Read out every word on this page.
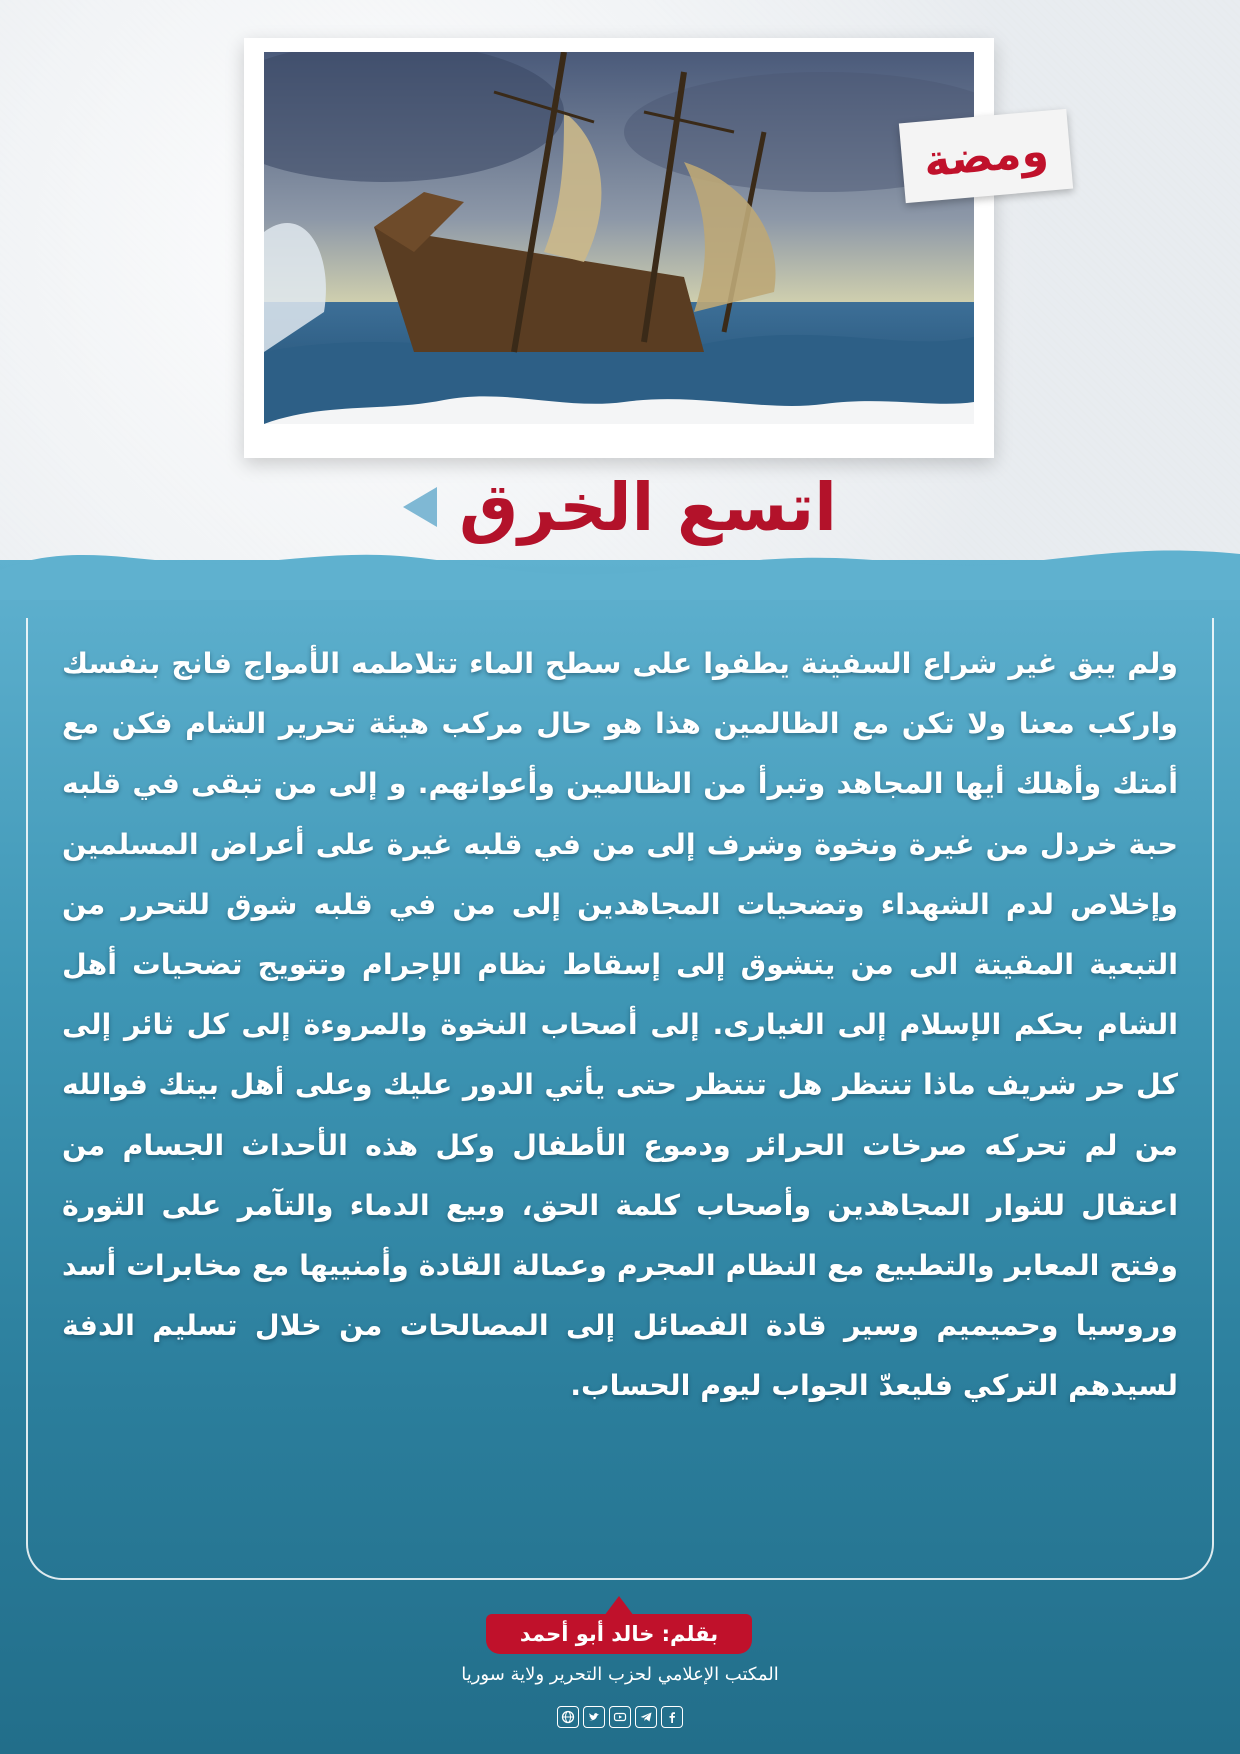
ومضة
اتسع الخرق

ولم يبق غير شراع السفينة يطفوا على سطح الماء تتلاطمه الأمواج فانج بنفسك واركب معنا ولا تكن مع الظالمين هذا هو حال مركب هيئة تحرير الشام فكن مع أمتك وأهلك أيها المجاهد وتبرأ من الظالمين وأعوانهم. و إلى من تبقى في قلبه حبة خردل من غيرة ونخوة وشرف إلى من في قلبه غيرة على أعراض المسلمين وإخلاص لدم الشهداء وتضحيات المجاهدين إلى من في قلبه شوق للتحرر من التبعية المقيتة الى من يتشوق إلى إسقاط نظام الإجرام وتتويج تضحيات أهل الشام بحكم الإسلام إلى الغيارى. إلى أصحاب النخوة والمروءة إلى كل ثائر إلى كل حر شريف ماذا تنتظر هل تنتظر حتى يأتي الدور عليك وعلى أهل بيتك فوالله من لم تحركه صرخات الحرائر ودموع الأطفال وكل هذه الأحداث الجسام من اعتقال للثوار المجاهدين وأصحاب كلمة الحق، وبيع الدماء والتآمر على الثورة وفتح المعابر والتطبيع مع النظام المجرم وعمالة القادة وأمنييها مع مخابرات أسد وروسيا وحميميم وسير قادة الفصائل إلى المصالحات من خلال تسليم الدفة لسيدهم التركي فليعدّ الجواب ليوم الحساب.

بقلم: خالد أبو أحمد
المكتب الإعلامي لحزب التحرير ولاية سوريا
